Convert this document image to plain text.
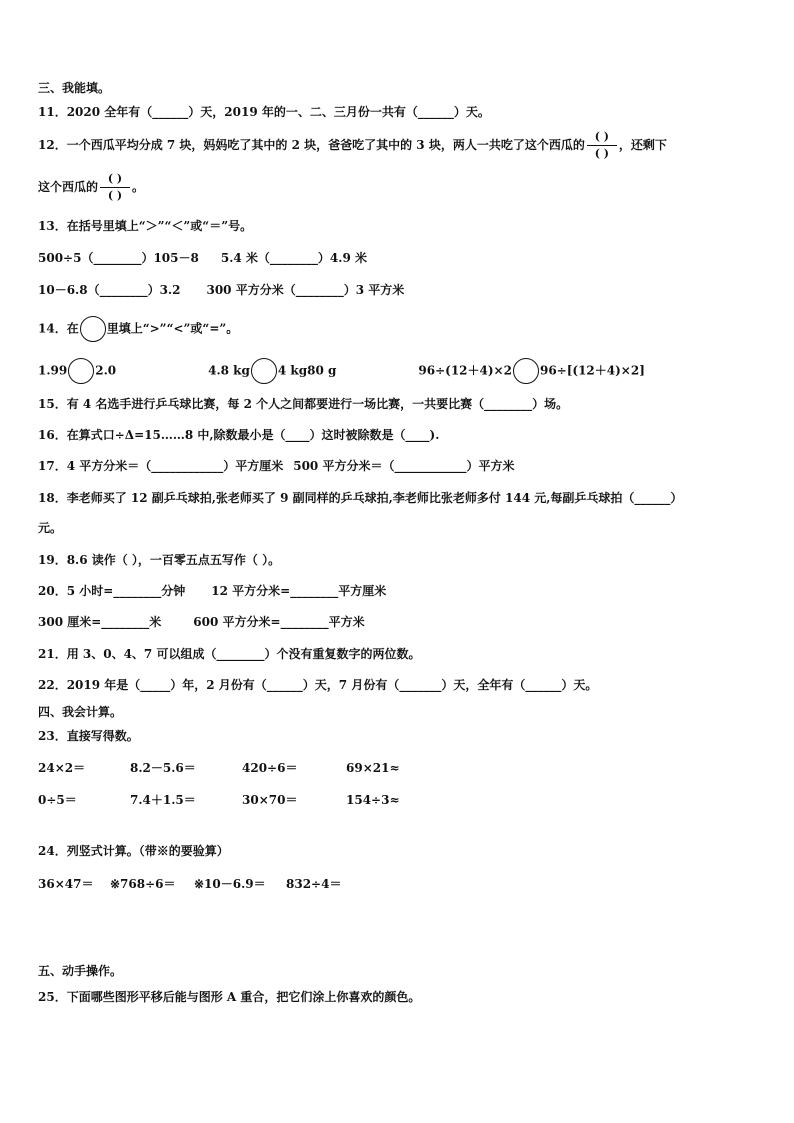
三、我能填。
11．2020 全年有（______）天，2019 年的一、二、三月份一共有（______）天。
12．一个西瓜平均分成 7 块，妈妈吃了其中的 2 块，爸爸吃了其中的 3 块，两人一共吃了这个西瓜的 $\frac{( )}{( )}$ ，还剩下
这个西瓜的 $\frac{( )}{( )}$ 。
13．在括号里填上“＞”“＜”或“＝”号。
500÷5（________）105－8 5.4 米（________）4.9 米
10－6.8（________）3.2 300 平方分米（________）3 平方米
14．在 里填上“>”“<”或“=”。
1.99 2.0	4.8 kg 4 kg80 g	96÷(12＋4)×2 96÷[(12＋4)×2]
15．有 4 名选手进行乒乓球比赛，每 2 个人之间都要进行一场比赛，一共要比赛（________）场。
16．在算式口÷Δ=15……8 中,除数最小是（____）这时被除数是（____).
17．4 平方分米＝（____________）平方厘米 500 平方分米＝（____________）平方米
18．李老师买了 12 副乒乓球拍,张老师买了 9 副同样的乒乓球拍,李老师比张老师多付 144 元,每副乒乓球拍（______）
元。
19．8.6 读作（ ），一百零五点五写作（ ）。
20．5 小时=________分钟 12 平方分米=________平方厘米
300 厘米=________米	600 平方分米=________平方米
21．用 3、0、4、7 可以组成（________）个没有重复数字的两位数。
22．2019 年是（_____）年，2 月份有（______）天，7 月份有（_______）天，全年有（______）天。
四、我会计算。
23．直接写得数。
24×2＝	8.2－5.6＝	420÷6＝	69×21≈
0÷5＝	7.4＋1.5＝	30×70＝	154÷3≈
24．列竖式计算。（带※的要验算）
36×47＝ ※768÷6＝ ※10－6.9＝ 832÷4＝
五、动手操作。
25．下面哪些图形平移后能与图形 A 重合，把它们涂上你喜欢的颜色。
